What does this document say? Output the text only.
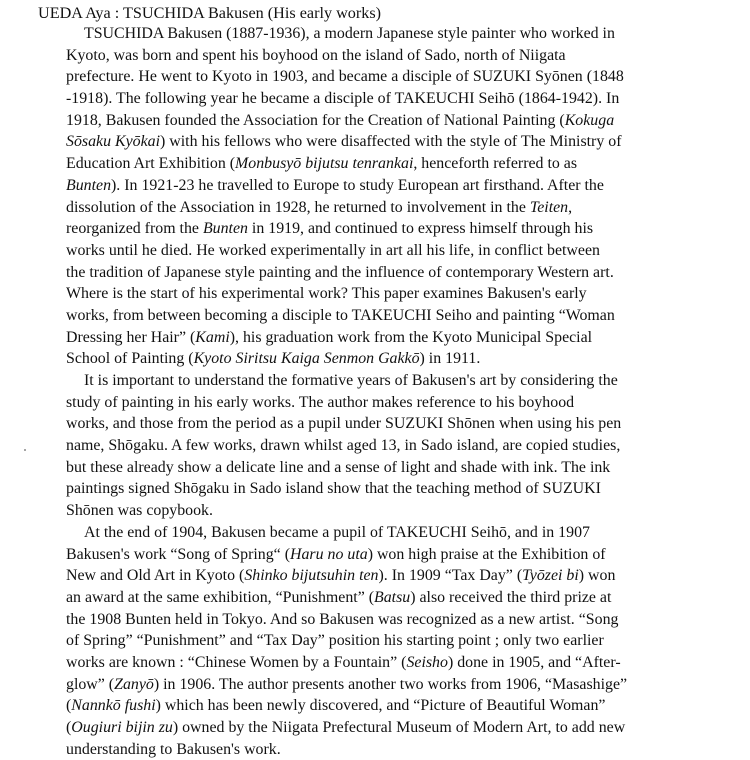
UEDA Aya : TSUCHIDA Bakusen (His early works)
TSUCHIDA Bakusen (1887-1936), a modern Japanese style painter who worked in
Kyoto, was born and spent his boyhood on the island of Sado, north of Niigata
prefecture. He went to Kyoto in 1903, and became a disciple of SUZUKI Syōnen (1848
-1918). The following year he became a disciple of TAKEUCHI Seihō (1864-1942). In
1918, Bakusen founded the Association for the Creation of National Painting (Kokuga
Sōsaku Kyōkai) with his fellows who were disaffected with the style of The Ministry of
Education Art Exhibition (Monbusyō bijutsu tenrankai, henceforth referred to as
Bunten). In 1921-23 he travelled to Europe to study European art firsthand. After the
dissolution of the Association in 1928, he returned to involvement in the Teiten,
reorganized from the Bunten in 1919, and continued to express himself through his
works until he died. He worked experimentally in art all his life, in conflict between
the tradition of Japanese style painting and the influence of contemporary Western art.
Where is the start of his experimental work? This paper examines Bakusen's early
works, from between becoming a disciple to TAKEUCHI Seiho and painting “Woman
Dressing her Hair” (Kami), his graduation work from the Kyoto Municipal Special
School of Painting (Kyoto Siritsu Kaiga Senmon Gakkō) in 1911.
It is important to understand the formative years of Bakusen's art by considering the
study of painting in his early works. The author makes reference to his boyhood
works, and those from the period as a pupil under SUZUKI Shōnen when using his pen
name, Shōgaku. A few works, drawn whilst aged 13, in Sado island, are copied studies,
but these already show a delicate line and a sense of light and shade with ink. The ink
paintings signed Shōgaku in Sado island show that the teaching method of SUZUKI
Shōnen was copybook.
At the end of 1904, Bakusen became a pupil of TAKEUCHI Seihō, and in 1907
Bakusen's work “Song of Spring“ (Haru no uta) won high praise at the Exhibition of
New and Old Art in Kyoto (Shinko bijutsuhin ten). In 1909 “Tax Day” (Tyōzei bi) won
an award at the same exhibition, “Punishment” (Batsu) also received the third prize at
the 1908 Bunten held in Tokyo. And so Bakusen was recognized as a new artist. “Song
of Spring” “Punishment” and “Tax Day” position his starting point ; only two earlier
works are known : “Chinese Women by a Fountain” (Seisho) done in 1905, and “After-
glow” (Zanyō) in 1906. The author presents another two works from 1906, “Masashige”
(Nannkō fushi) which has been newly discovered, and “Picture of Beautiful Woman”
(Ougiuri bijin zu) owned by the Niigata Prefectural Museum of Modern Art, to add new
understanding to Bakusen's work.
